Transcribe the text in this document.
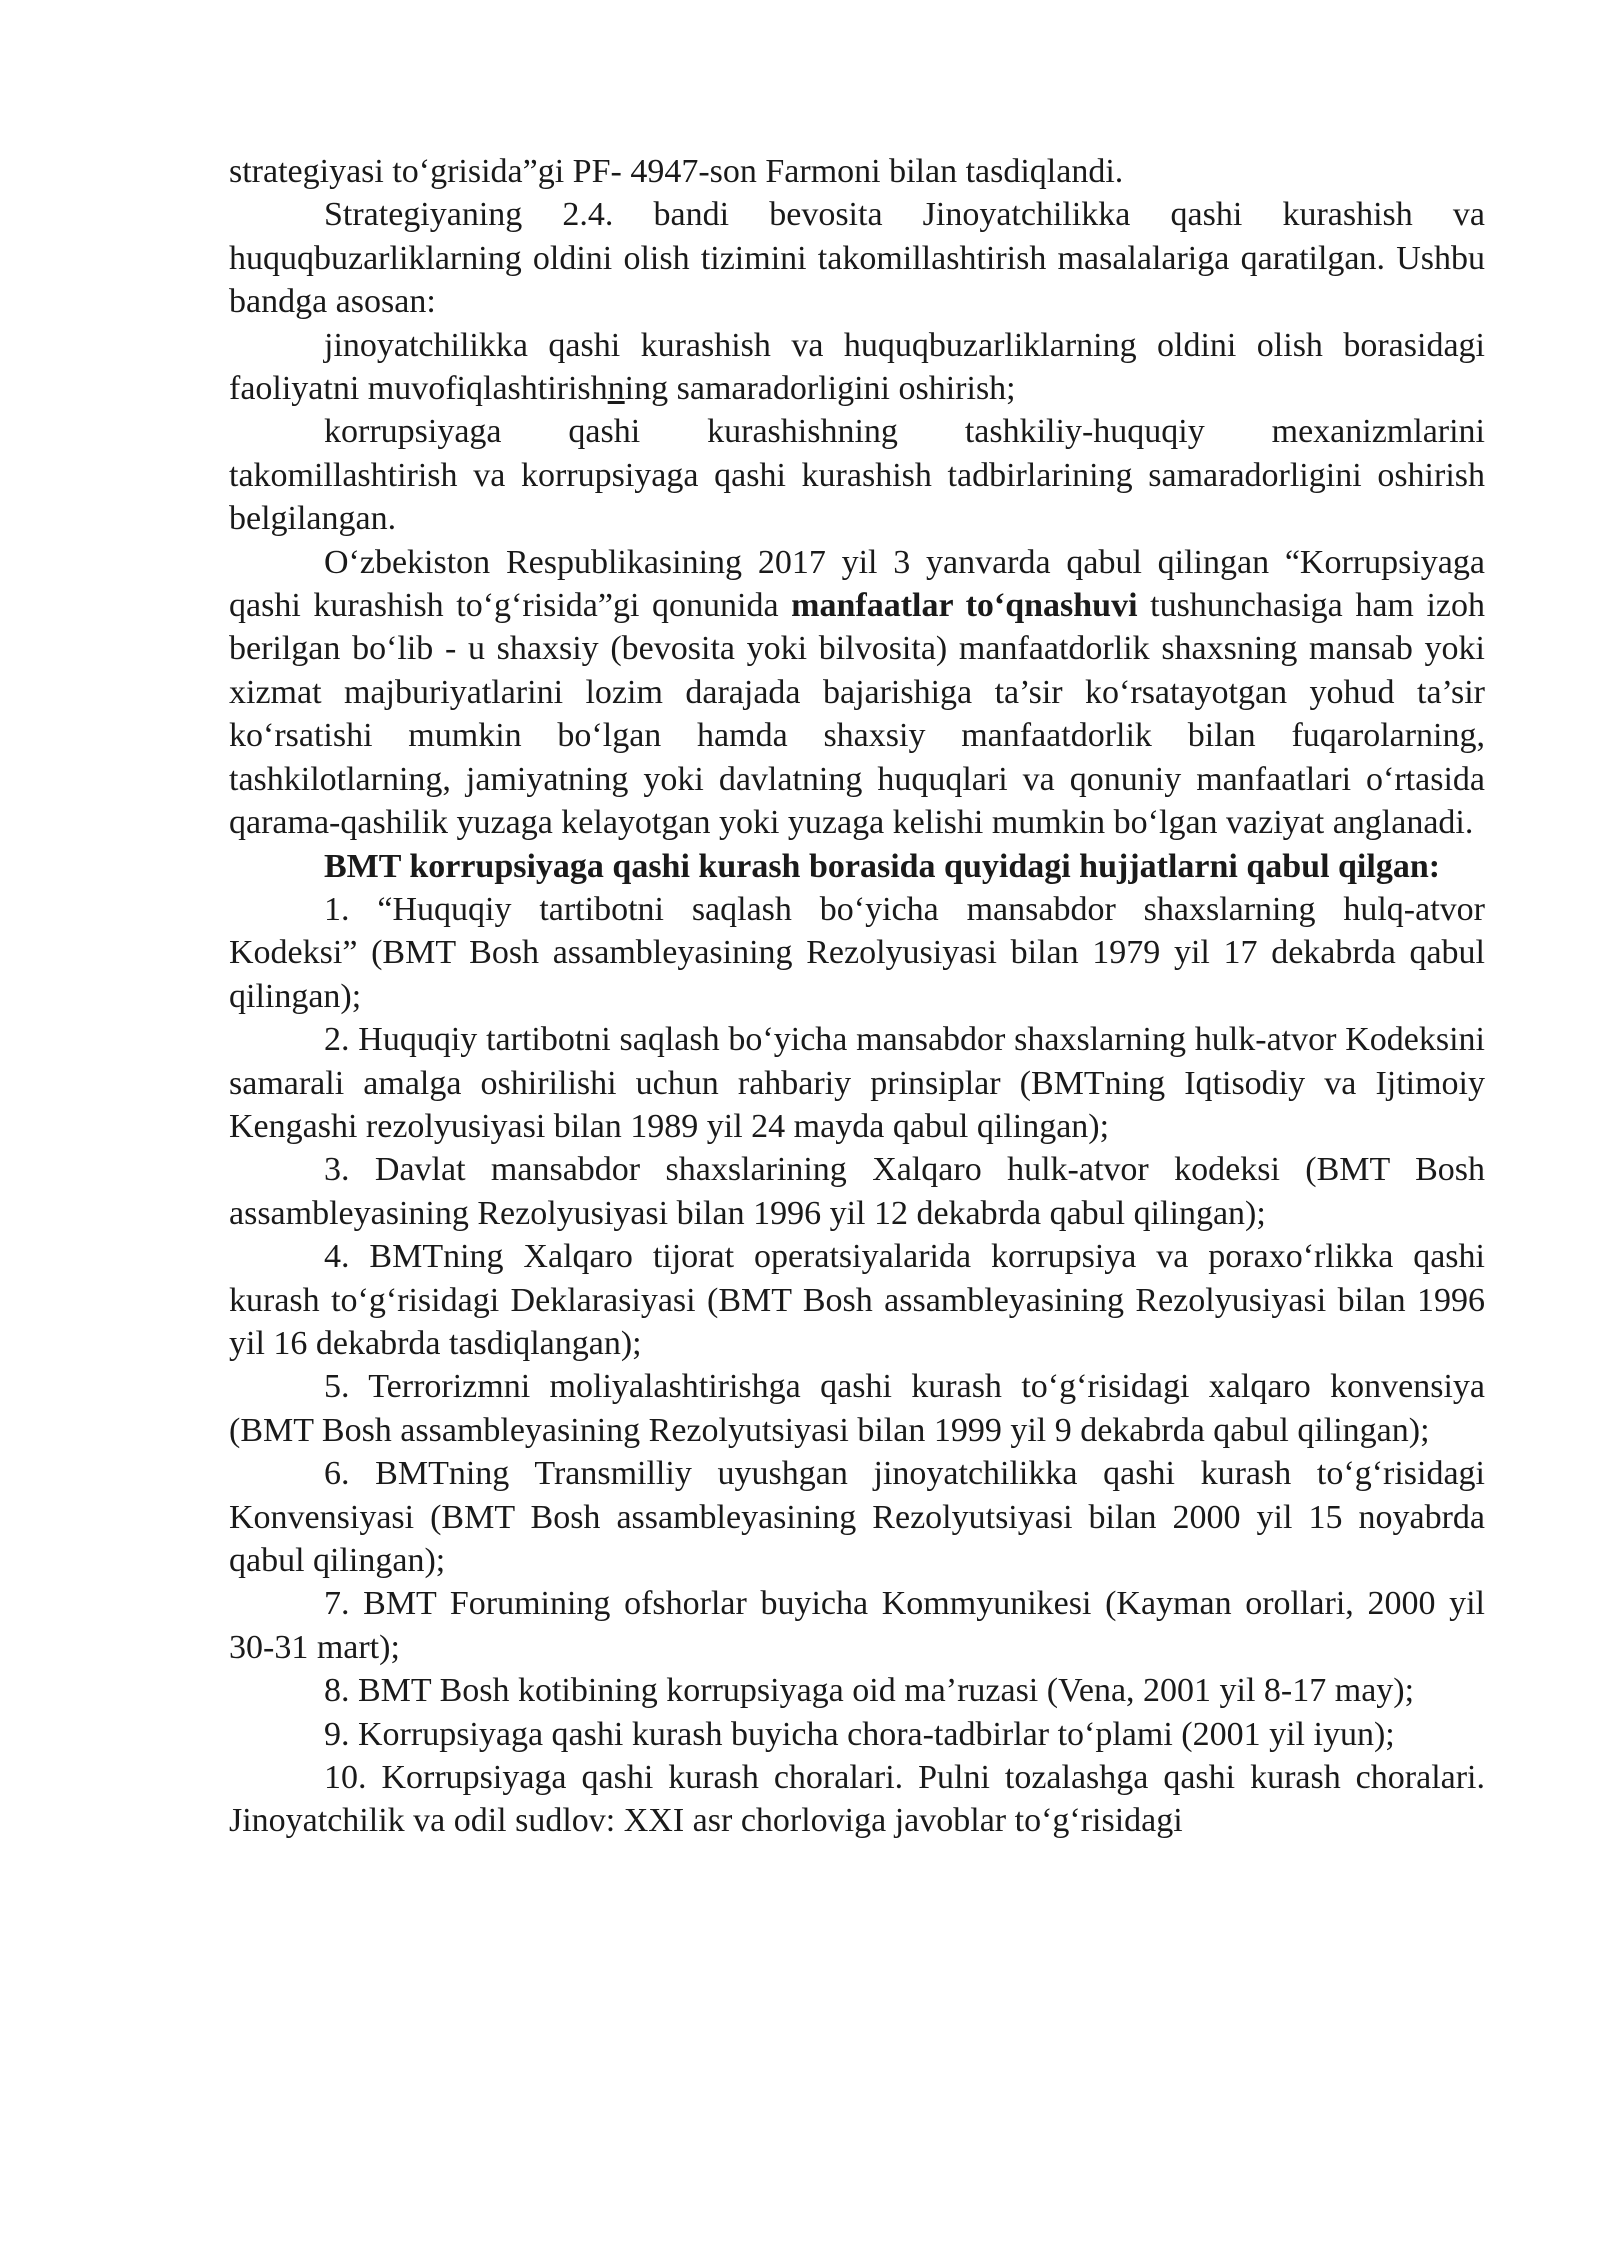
strategiyasi to‘grisida”gi PF- 4947-son Farmoni bilan tasdiqlandi.

Strategiyaning 2.4. bandi bevosita Jinoyatchilikka qashi kurashish va huquqbuzarliklarning oldini olish tizimini takomillashtirish masalalariga qaratilgan. Ushbu bandga asosan:

jinoyatchilikka qashi kurashish va huquqbuzarliklarning oldini olish borasidagi faoliyatni muvofiqlashtirishning samaradorligini oshirish;

korrupsiyaga qashi kurashishning tashkiliy-huquqiy mexanizmlarini takomillashtirish va korrupsiyaga qashi kurashish tadbirlarining samaradorligini oshirish belgilangan.

O‘zbekiston Respublikasining 2017 yil 3 yanvarda qabul qilingan “Korrupsiyaga qashi kurashish to‘g‘risida”gi qonunida manfaatlar to‘qnashuvi tushunchasiga ham izoh berilgan bo‘lib - u shaxsiy (bevosita yoki bilvosita) manfaatdorlik shaxsning mansab yoki xizmat majburiyatlarini lozim darajada bajarishiga ta’sir ko‘rsatayotgan yohud ta’sir ko‘rsatishi mumkin bo‘lgan hamda shaxsiy manfaatdorlik bilan fuqarolarning, tashkilotlarning, jamiyatning yoki davlatning huquqlari va qonuniy manfaatlari o‘rtasida qarama-qashilik yuzaga kelayotgan yoki yuzaga kelishi mumkin bo‘lgan vaziyat anglanadi.

BMT korrupsiyaga qashi kurash borasida quyidagi hujjatlarni qabul qilgan:

1. “Huquqiy tartibotni saqlash bo‘yicha mansabdor shaxslarning hulq-atvor Kodeksi” (BMT Bosh assambleyasining Rezolyusiyasi bilan 1979 yil 17 dekabrda qabul qilingan);

2. Huquqiy tartibotni saqlash bo‘yicha mansabdor shaxslarning hulk-atvor Kodeksini samarali amalga oshirilishi uchun rahbariy prinsiplar (BMTning Iqtisodiy va Ijtimoiy Kengashi rezolyusiyasi bilan 1989 yil 24 mayda qabul qilingan);

3. Davlat mansabdor shaxslarining Xalqaro hulk-atvor kodeksi (BMT Bosh assambleyasining Rezolyusiyasi bilan 1996 yil 12 dekabrda qabul qilingan);

4. BMTning Xalqaro tijorat operatsiyalarida korrupsiya va poraxo‘rlikka qashi kurash to‘g‘risidagi Deklarasiyasi (BMT Bosh assambleyasining Rezolyusiyasi bilan 1996 yil 16 dekabrda tasdiqlangan);

5. Terrorizmni moliyalashtirishga qashi kurash to‘g‘risidagi xalqaro konvensiya (BMT Bosh assambleyasining Rezolyutsiyasi bilan 1999 yil 9 dekabrda qabul qilingan);

6. BMTning Transmilliy uyushgan jinoyatchilikka qashi kurash to‘g‘risidagi Konvensiyasi (BMT Bosh assambleyasining Rezolyutsiyasi bilan 2000 yil 15 noyabrda qabul qilingan);

7. BMT Forumining ofshorlar buyicha Kommyunikesi (Kayman orollari, 2000 yil 30-31 mart);

8. BMT Bosh kotibining korrupsiyaga oid ma’ruzasi (Vena, 2001 yil 8-17 may);

9. Korrupsiyaga qashi kurash buyicha chora-tadbirlar to‘plami (2001 yil iyun);

10. Korrupsiyaga qashi kurash choralari. Pulni tozalashga qashi kurash choralari. Jinoyatchilik va odil sudlov: XXI asr chorloviga javoblar to‘g‘risidagi
